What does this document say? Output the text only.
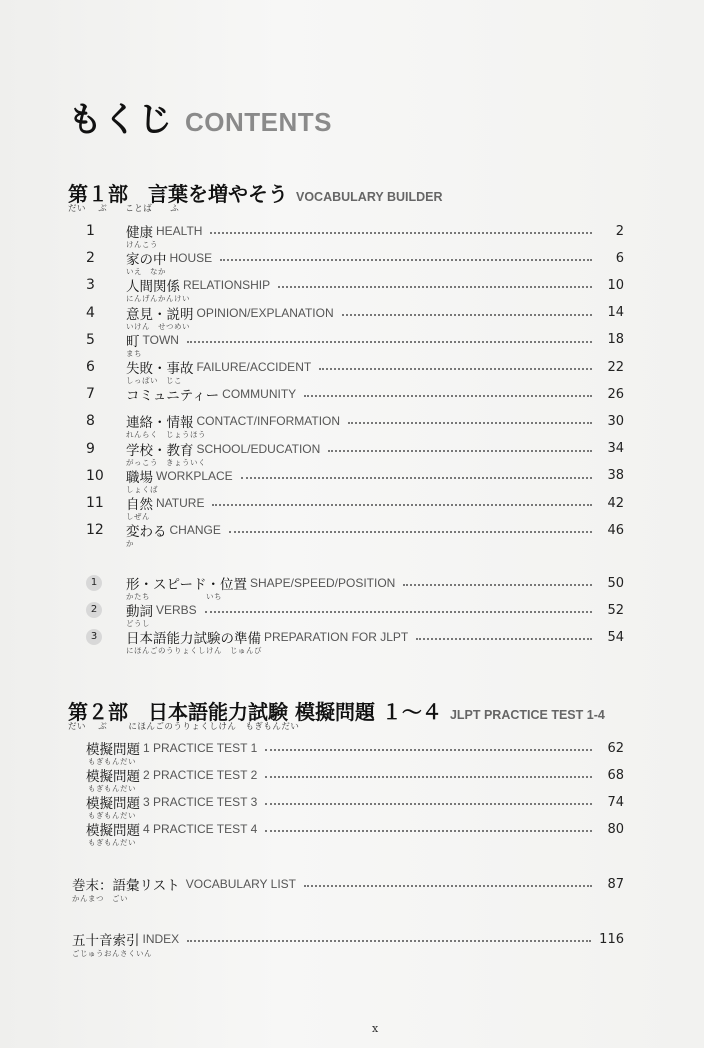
もくじ CONTENTS
第１部　言葉を増やそう VOCABULARY BUILDER
だい　 ぶ　　ことば　　ふ
1	健康 HEALTH	2
けんこう
2	家の中 HOUSE	6
いえ　なか
3	人間関係 RELATIONSHIP	10
にんげんかんけい
4	意見・説明 OPINION/EXPLANATION	14
いけん　せつめい
5	町 TOWN	18
まち
6	失敗・事故 FAILURE/ACCIDENT	22
しっぱい　じこ
7	コミュニティー COMMUNITY	26
8	連絡・情報 CONTACT/INFORMATION	30
れんらく　じょうほう
9	学校・教育 SCHOOL/EDUCATION	34
がっこう　きょういく
10	職場 WORKPLACE	38
しょくば
11	自然 NATURE	42
しぜん
12	変わる CHANGE	46
か
1	形・スピード・位置 SHAPE/SPEED/POSITION	50
かたち　　　　　　　いち
2	動詞 VERBS	52
どうし
3	日本語能力試験の準備 PREPARATION FOR JLPT	54
にほんごのうりょくしけん　じゅんび
第２部　日本語能力試験 模擬問題 １～４ JLPT PRACTICE TEST 1-4
だい　 ぶ　　 にほんごのうりょくしけん　もぎもんだい
模擬問題 1 PRACTICE TEST 1	62
もぎもんだい
模擬問題 2 PRACTICE TEST 2	68
もぎもんだい
模擬問題 3 PRACTICE TEST 3	74
もぎもんだい
模擬問題 4 PRACTICE TEST 4	80
もぎもんだい
巻末：語彙リスト VOCABULARY LIST	87
かんまつ　ごい
五十音索引 INDEX	116
ごじゅうおんさくいん
x
